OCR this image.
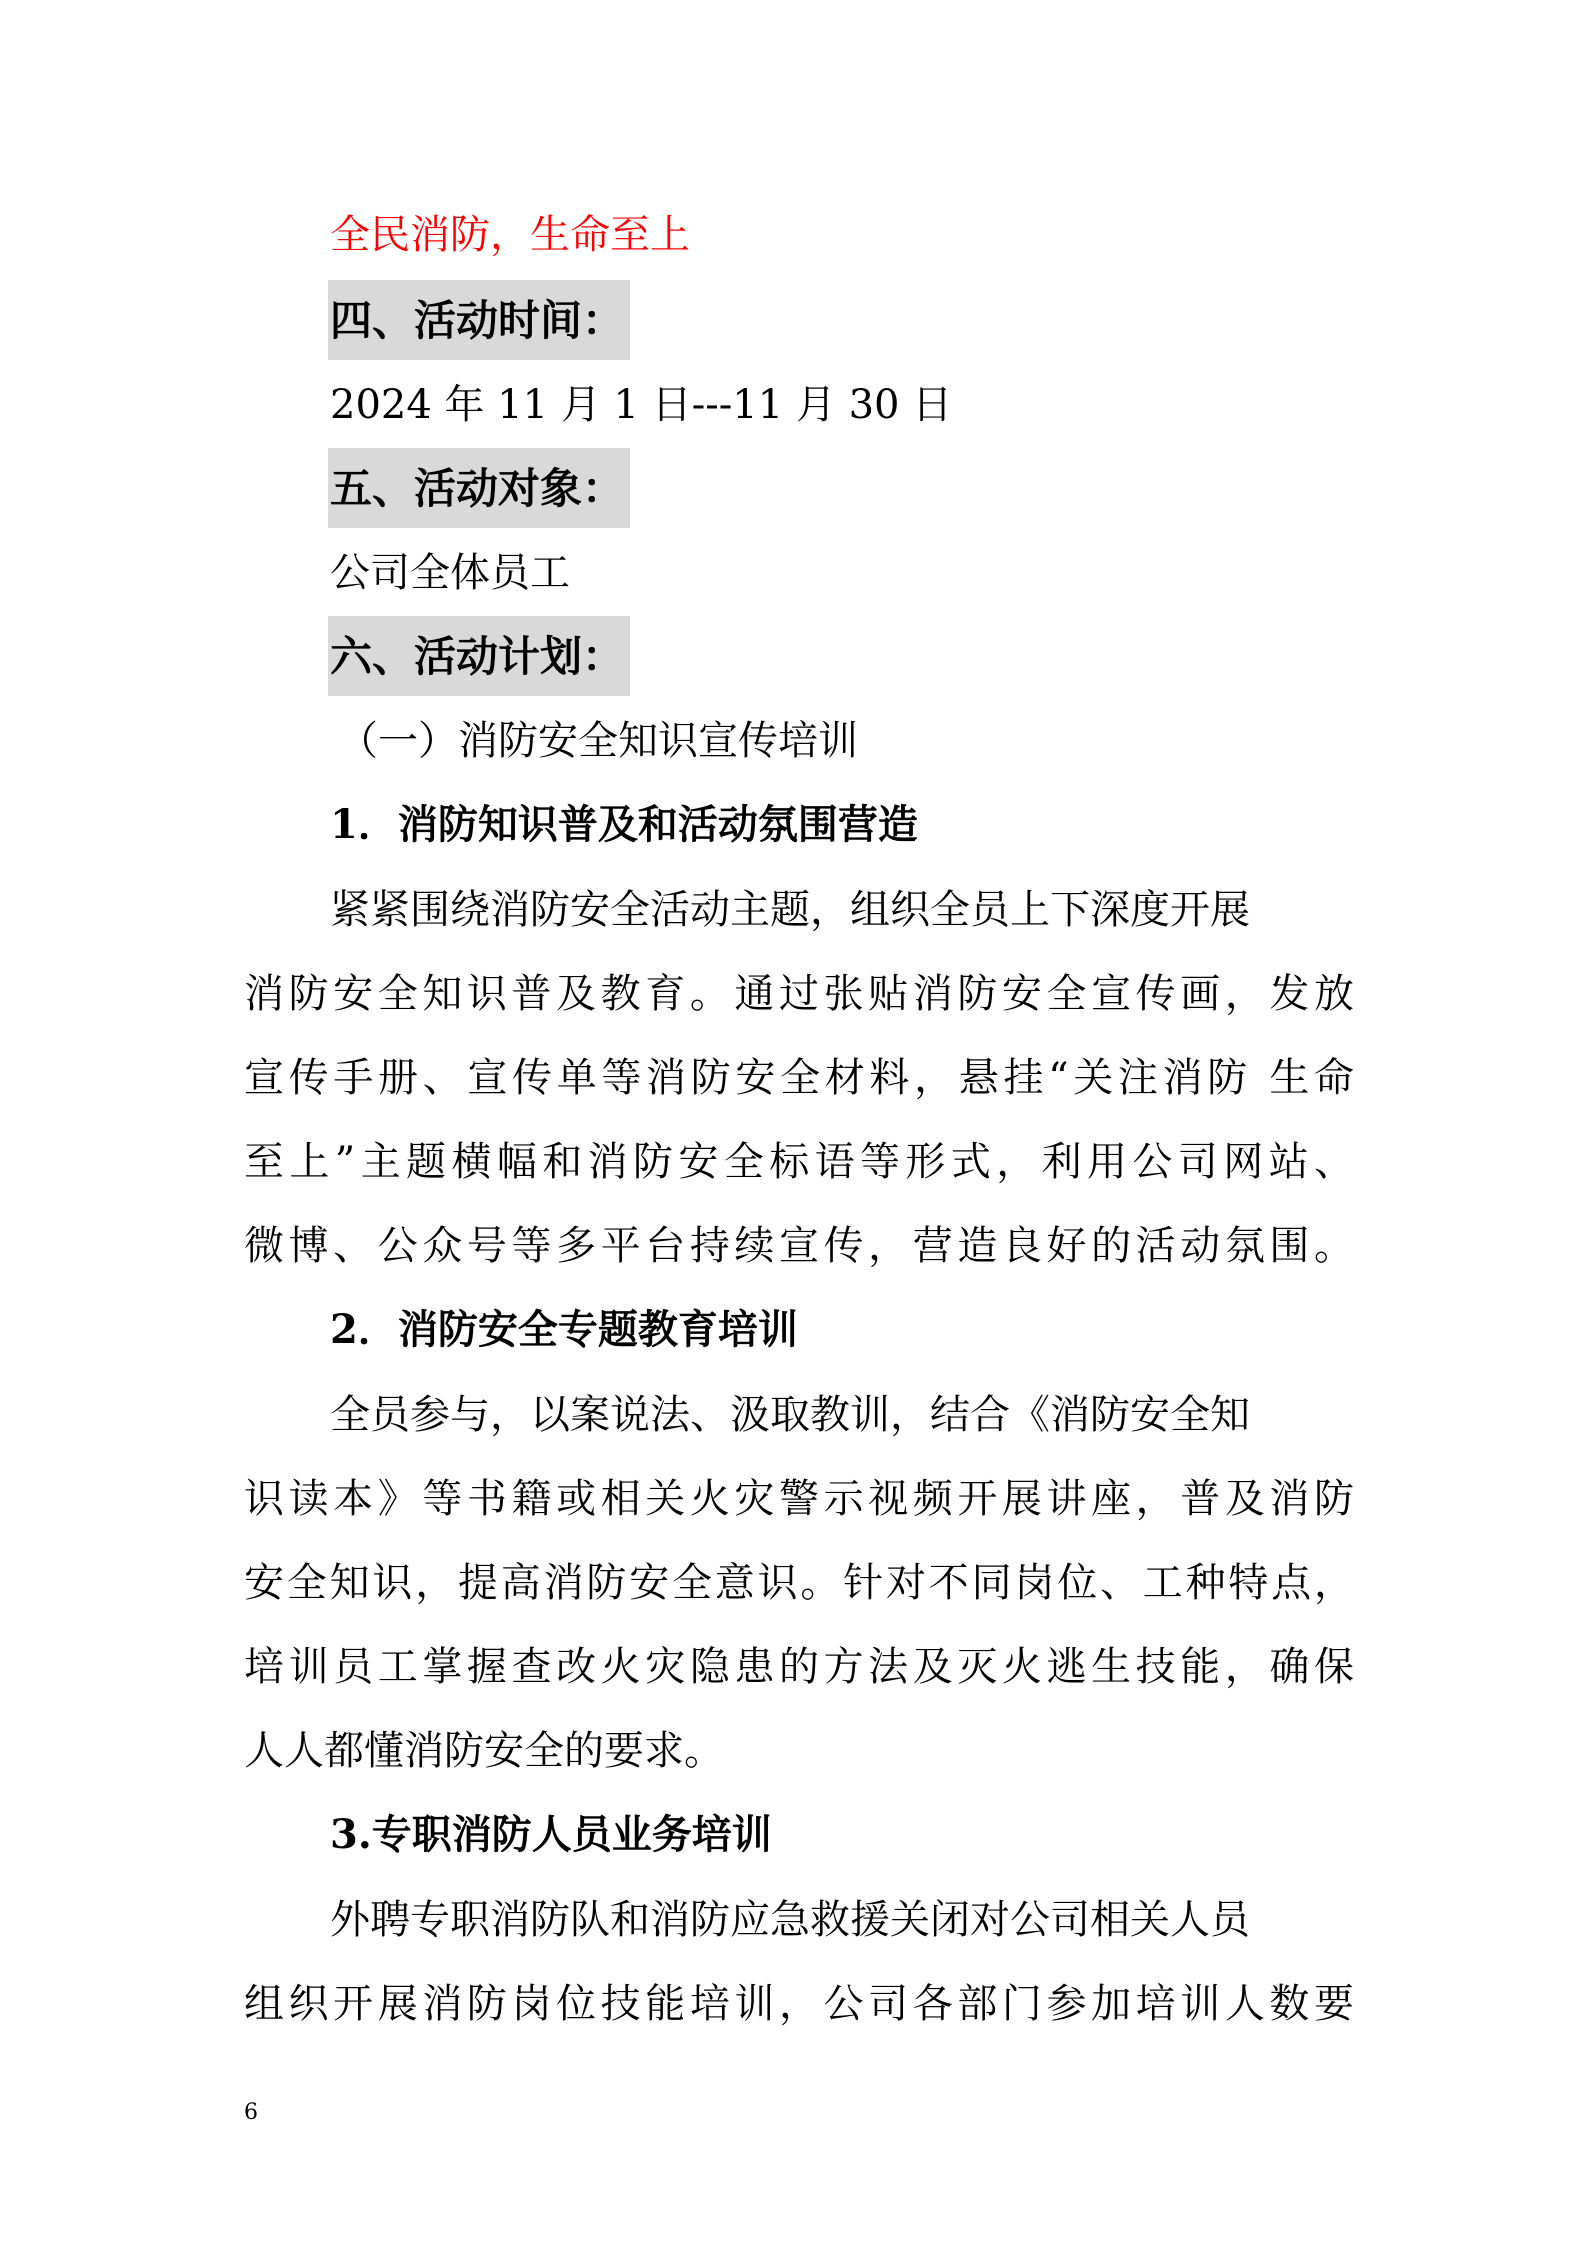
全民消防，生命至上
四、活动时间：
2024 年 11 月 1 日---11 月 30 日
五、活动对象：
公司全体员工
六、活动计划：
（一）消防安全知识宣传培训
1．消防知识普及和活动氛围营造
紧紧围绕消防安全活动主题，组织全员上下深度开展
消防安全知识普及教育。通过张贴消防安全宣传画，发放
宣传手册、宣传单等消防安全材料，悬挂“关注消防 生命
至上”主题横幅和消防安全标语等形式，利用公司网站、
微博、公众号等多平台持续宣传，营造良好的活动氛围。
2．消防安全专题教育培训
全员参与，以案说法、汲取教训，结合《消防安全知
识读本》等书籍或相关火灾警示视频开展讲座，普及消防
安全知识，提高消防安全意识。针对不同岗位、工种特点，
培训员工掌握查改火灾隐患的方法及灭火逃生技能，确保
人人都懂消防安全的要求。
3.专职消防人员业务培训
外聘专职消防队和消防应急救援关闭对公司相关人员
组织开展消防岗位技能培训，公司各部门参加培训人数要
6
